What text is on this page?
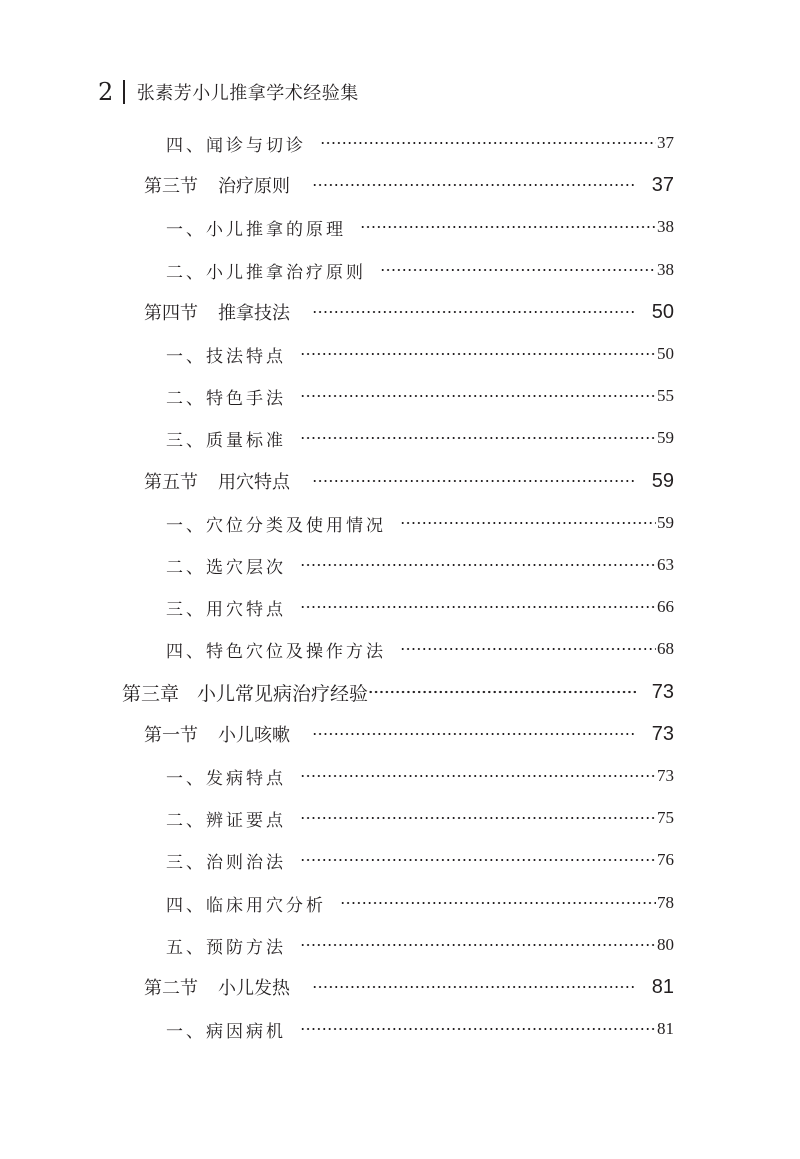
2 张素芳小儿推拿学术经验集
四、闻诊与切诊	37
第三节 治疗原则	37
一、小儿推拿的原理	38
二、小儿推拿治疗原则	38
第四节 推拿技法	50
一、技法特点	50
二、特色手法	55
三、质量标准	59
第五节 用穴特点	59
一、穴位分类及使用情况	59
二、选穴层次	63
三、用穴特点	66
四、特色穴位及操作方法	68
第三章 小儿常见病治疗经验	73
第一节 小儿咳嗽	73
一、发病特点	73
二、辨证要点	75
三、治则治法	76
四、临床用穴分析	78
五、预防方法	80
第二节 小儿发热	81
一、病因病机	81
